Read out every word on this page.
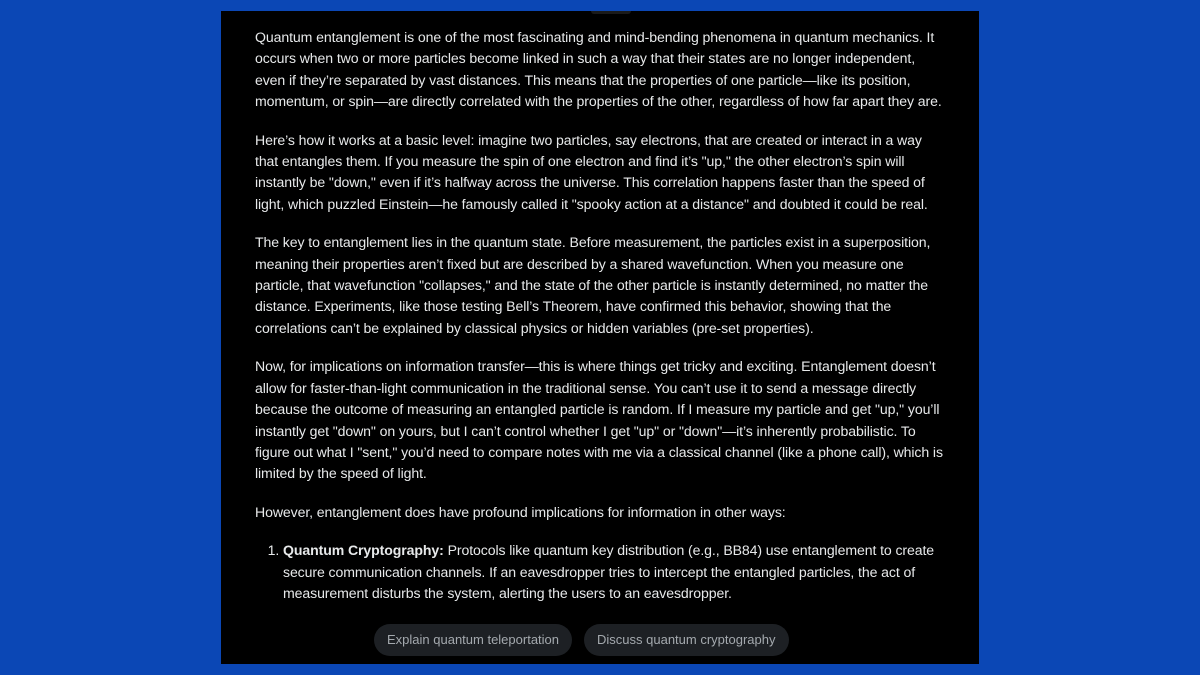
Quantum entanglement is one of the most fascinating and mind-bending phenomena in quantum mechanics. It occurs when two or more particles become linked in such a way that their states are no longer independent, even if they’re separated by vast distances. This means that the properties of one particle—like its position, momentum, or spin—are directly correlated with the properties of the other, regardless of how far apart they are.

Here’s how it works at a basic level: imagine two particles, say electrons, that are created or interact in a way that entangles them. If you measure the spin of one electron and find it’s "up," the other electron’s spin will instantly be "down," even if it’s halfway across the universe. This correlation happens faster than the speed of light, which puzzled Einstein—he famously called it "spooky action at a distance" and doubted it could be real.

The key to entanglement lies in the quantum state. Before measurement, the particles exist in a superposition, meaning their properties aren’t fixed but are described by a shared wavefunction. When you measure one particle, that wavefunction "collapses," and the state of the other particle is instantly determined, no matter the distance. Experiments, like those testing Bell’s Theorem, have confirmed this behavior, showing that the correlations can’t be explained by classical physics or hidden variables (pre-set properties).

Now, for implications on information transfer—this is where things get tricky and exciting. Entanglement doesn’t allow for faster-than-light communication in the traditional sense. You can’t use it to send a message directly because the outcome of measuring an entangled particle is random. If I measure my particle and get "up," you’ll instantly get "down" on yours, but I can’t control whether I get "up" or "down"—it’s inherently probabilistic. To figure out what I "sent," you’d need to compare notes with me via a classical channel (like a phone call), which is limited by the speed of light.

However, entanglement does have profound implications for information in other ways:

1. Quantum Cryptography: Protocols like quantum key distribution (e.g., BB84) use entanglement to create secure communication channels. If an eavesdropper tries to intercept the entangled particles, the act of measurement disturbs the system, alerting the users to an eavesdropper.
Explain quantum teleportation	Discuss quantum cryptography
